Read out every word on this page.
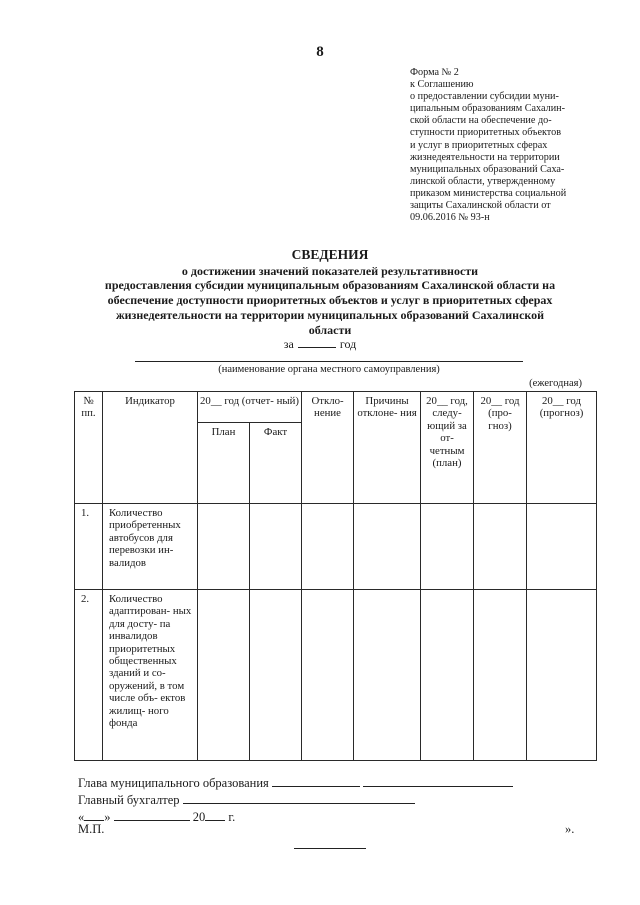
8
Форма № 2
к Соглашению
о предоставлении субсидии муни-
ципальным образованиям Сахалин-
ской области на обеспечение до-
ступности приоритетных объектов
и услуг в приоритетных сферах
жизнедеятельности на территории
муниципальных образований Саха-
линской области, утвержденному
приказом министерства социальной
защиты Сахалинской области от
09.06.2016 № 93-н
СВЕДЕНИЯ
о достижении значений показателей результативности
предоставления субсидии муниципальным образованиям Сахалинской области на
обеспечение доступности приоритетных объектов и услуг в приоритетных сферах
жизнедеятельности на территории муниципальных образований Сахалинской
области
за	год
(наименование органа местного самоуправления)
(ежегодная)
№ пп.	Индикатор	20__ год (отчет- ный)		Откло- нение	Причины отклоне- ния	20__ год, следу- ющий за от- четным (план)	20__ год (про- гноз)	20__ год (прогноз)
		План	Факт					
1.	Количество приобретенных автобусов для перевозки ин- валидов							
2.	Количество адаптирован- ных для досту- па инвалидов приоритетных общественных зданий и со- оружений, в том числе объ- ектов жилищ- ного фонда							
Глава муниципального образования
Главный бухгалтер
« »	20 г.
М.П.	».
